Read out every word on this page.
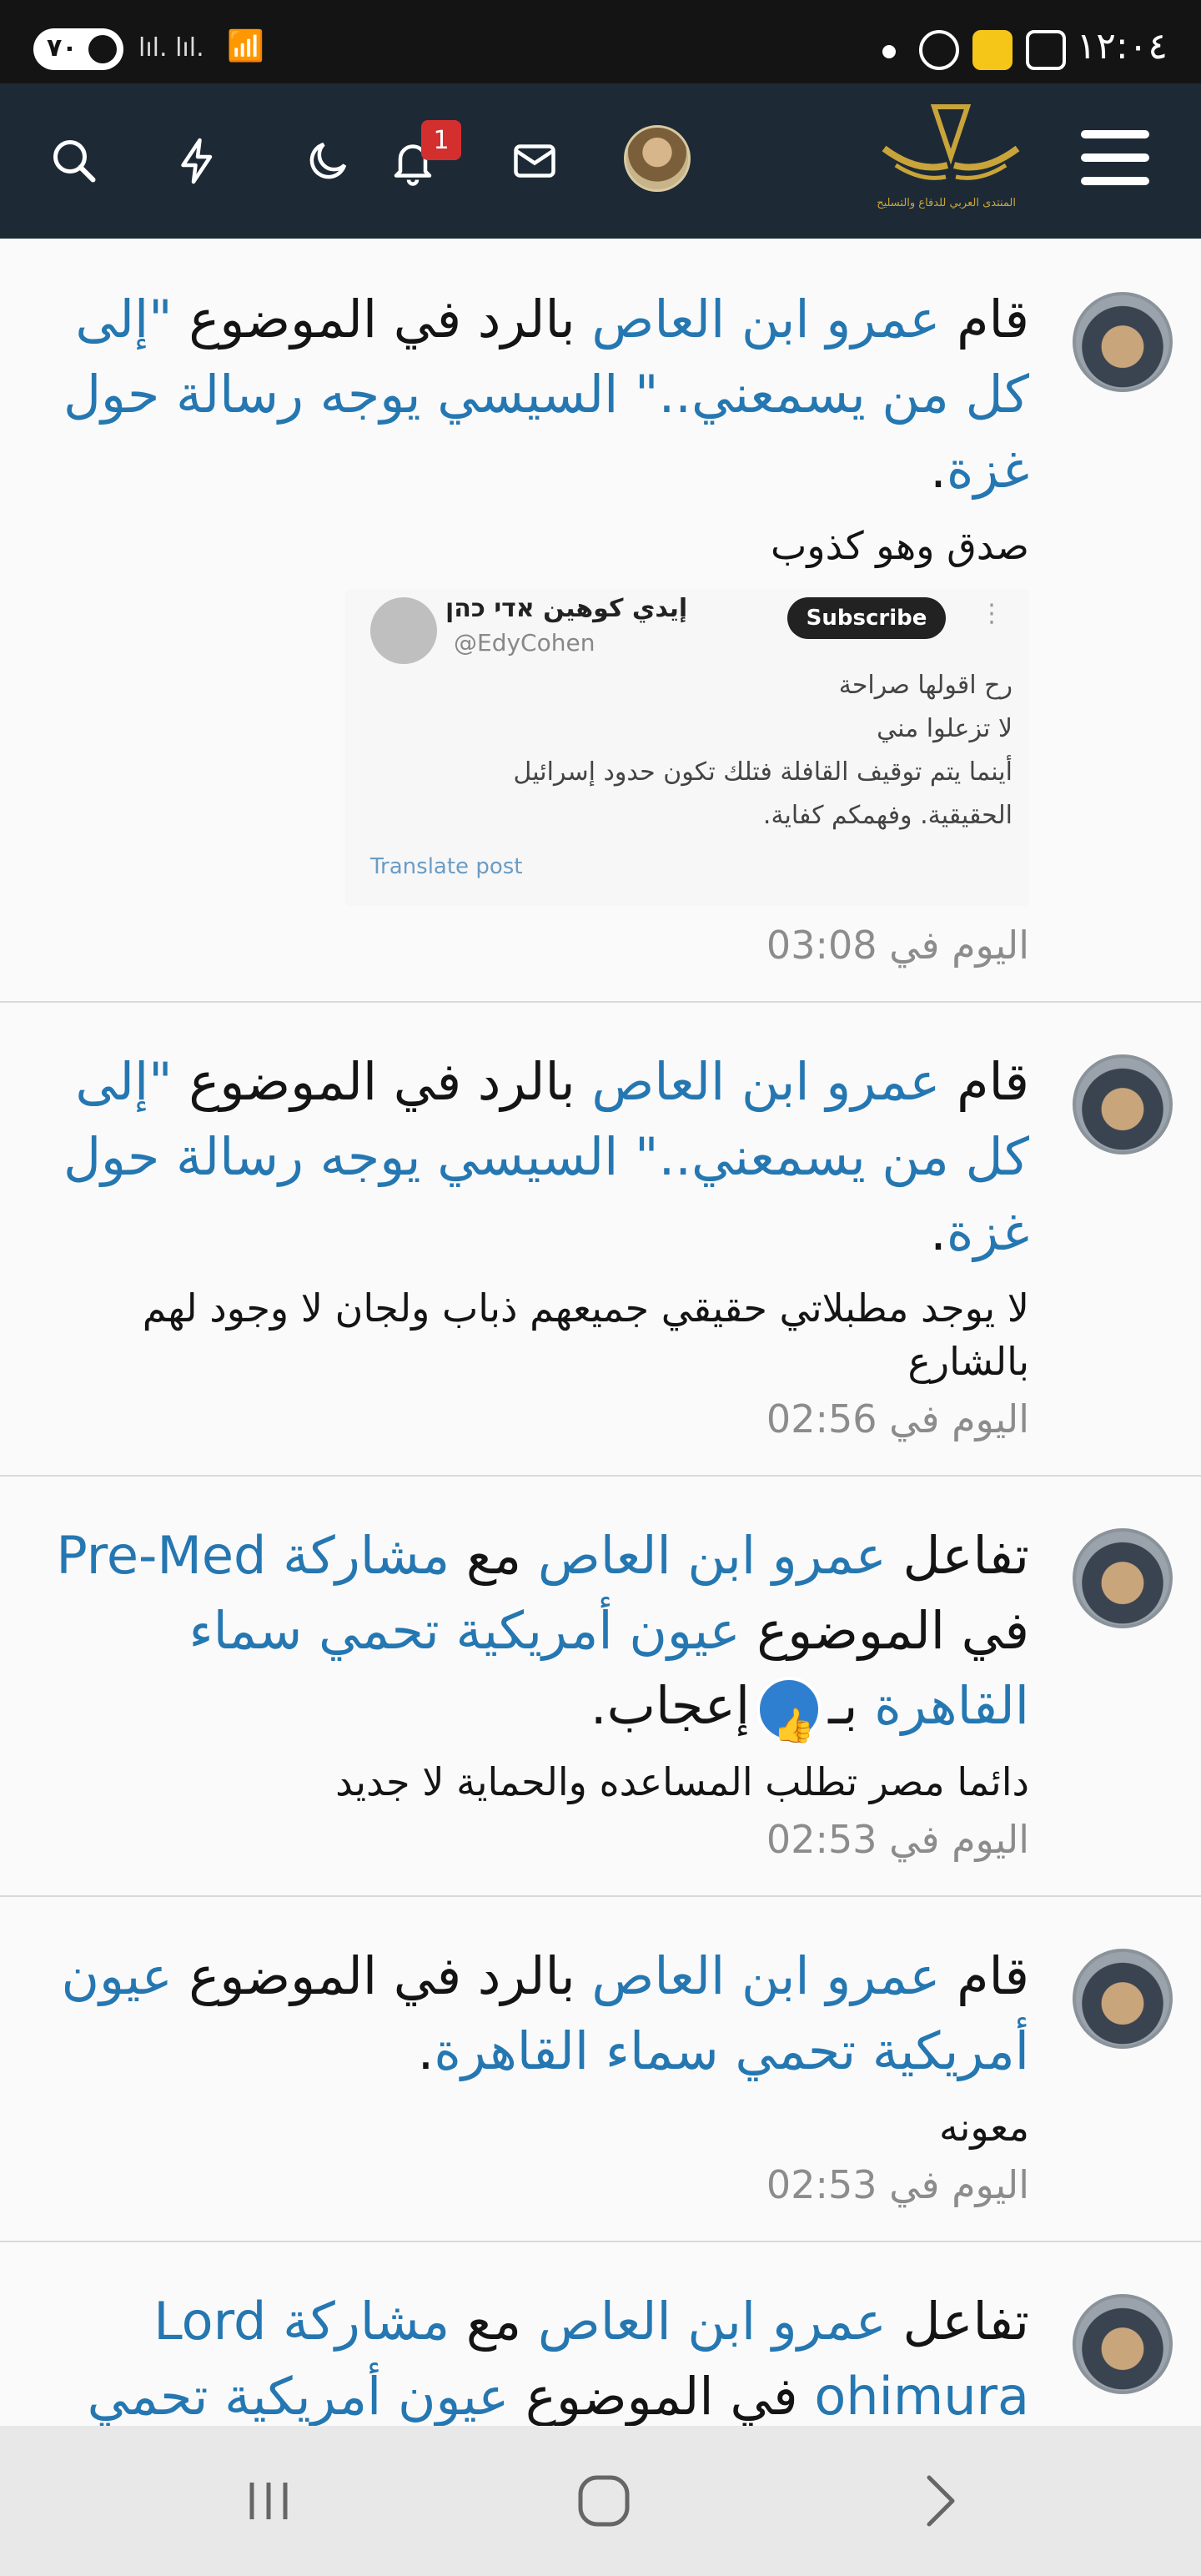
٧٠ lıl. lıl. 📶	١٢:٠٤
1
المنتدى العربي للدفاع والتسليح
قام عمرو ابن العاص بالرد في الموضوع "إلى كل من يسمعني.." السيسي يوجه رسالة حول غزة.
صدق وهو كذوب
إيدي كوهين אדי כהן
@EdyCohen
Subscribe	⋮
رح اقولها صراحة
لا تزعلوا مني
أينما يتم توقيف القافلة فتلك تكون حدود إسرائيل
الحقيقية. وفهمكم كفاية.
Translate post
اليوم في 03:08
قام عمرو ابن العاص بالرد في الموضوع "إلى كل من يسمعني.." السيسي يوجه رسالة حول غزة.
لا يوجد مطبلاتي حقيقي جميعهم ذباب ولجان لا وجود لهم بالشارع
اليوم في 02:56
تفاعل عمرو ابن العاص مع مشاركة Pre-Med في الموضوع عيون أمريكية تحمي سماء القاهرة بـ👍إعجاب.
دائما مصر تطلب المساعده والحماية لا جديد
اليوم في 02:53
قام عمرو ابن العاص بالرد في الموضوع عيون أمريكية تحمي سماء القاهرة.
معونه
اليوم في 02:53
تفاعل عمرو ابن العاص مع مشاركة Lord ohimura في الموضوع عيون أمريكية تحمي
